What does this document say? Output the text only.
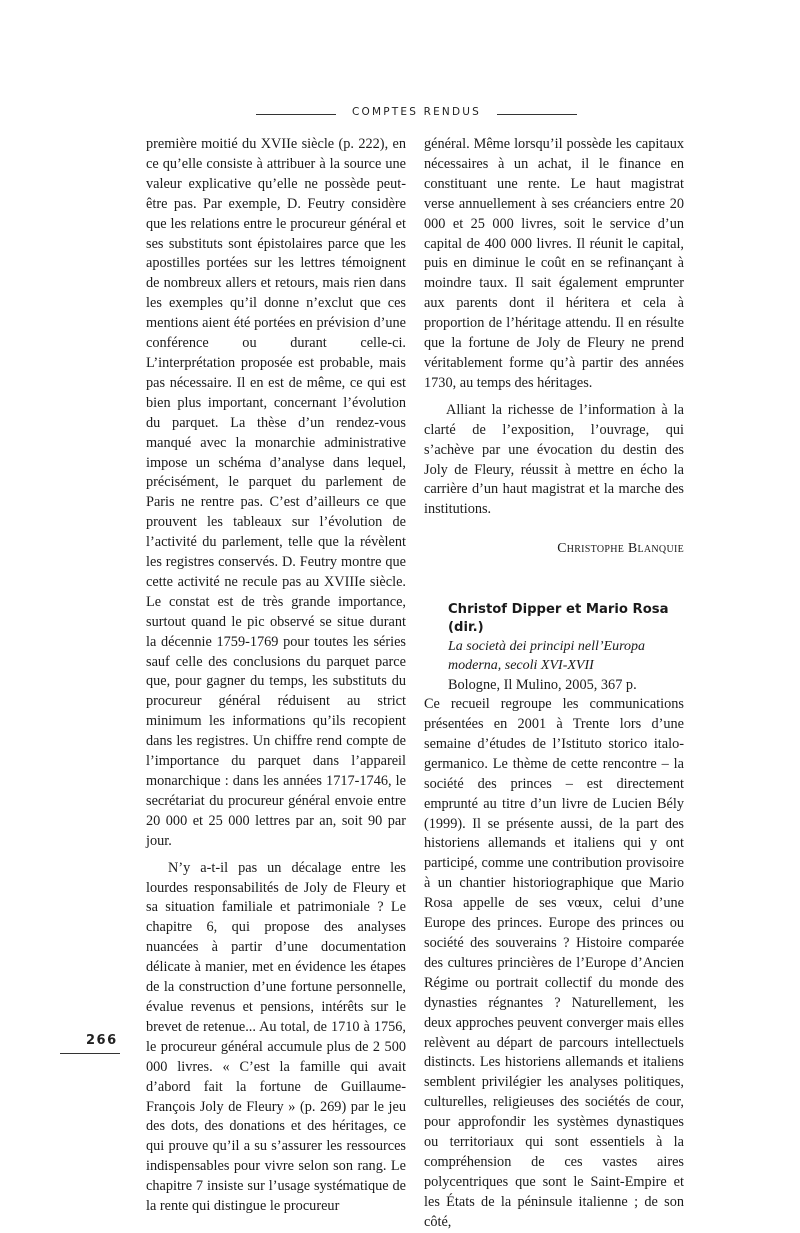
COMPTES RENDUS

première moitié du XVIIe siècle (p. 222), en ce qu’elle consiste à attribuer à la source une valeur explicative qu’elle ne possède peut-être pas. Par exemple, D. Feutry considère que les relations entre le procureur général et ses substituts sont épistolaires parce que les apostilles portées sur les lettres témoignent de nombreux allers et retours, mais rien dans les exemples qu’il donne n’exclut que ces mentions aient été portées en prévision d’une conférence ou durant celle-ci. L’interprétation proposée est probable, mais pas nécessaire. Il en est de même, ce qui est bien plus important, concernant l’évolution du parquet. La thèse d’un rendez-vous manqué avec la monarchie administrative impose un schéma d’analyse dans lequel, précisément, le parquet du parlement de Paris ne rentre pas. C’est d’ailleurs ce que prouvent les tableaux sur l’évolution de l’activité du parlement, telle que la révèlent les registres conservés. D. Feutry montre que cette activité ne recule pas au XVIIIe siècle. Le constat est de très grande importance, surtout quand le pic observé se situe durant la décennie 1759-1769 pour toutes les séries sauf celle des conclusions du parquet parce que, pour gagner du temps, les substituts du procureur général réduisent au strict minimum les informations qu’ils recopient dans les registres. Un chiffre rend compte de l’importance du parquet dans l’appareil monarchique : dans les années 1717-1746, le secrétariat du procureur général envoie entre 20 000 et 25 000 lettres par an, soit 90 par jour.

N’y a-t-il pas un décalage entre les lourdes responsabilités de Joly de Fleury et sa situation familiale et patrimoniale ? Le chapitre 6, qui propose des analyses nuancées à partir d’une documentation délicate à manier, met en évidence les étapes de la construction d’une fortune personnelle, évalue revenus et pensions, intérêts sur le brevet de retenue... Au total, de 1710 à 1756, le procureur général accumule plus de 2 500 000 livres. « C’est la famille qui avait d’abord fait la fortune de Guillaume-François Joly de Fleury » (p. 269) par le jeu des dots, des donations et des héritages, ce qui prouve qu’il a su s’assurer les ressources indispensables pour vivre selon son rang. Le chapitre 7 insiste sur l’usage systématique de la rente qui distingue le procureur

général. Même lorsqu’il possède les capitaux nécessaires à un achat, il le finance en constituant une rente. Le haut magistrat verse annuellement à ses créanciers entre 20 000 et 25 000 livres, soit le service d’un capital de 400 000 livres. Il réunit le capital, puis en diminue le coût en se refinançant à moindre taux. Il sait également emprunter aux parents dont il héritera et cela à proportion de l’héritage attendu. Il en résulte que la fortune de Joly de Fleury ne prend véritablement forme qu’à partir des années 1730, au temps des héritages.

Alliant la richesse de l’information à la clarté de l’exposition, l’ouvrage, qui s’achève par une évocation du destin des Joly de Fleury, réussit à mettre en écho la carrière d’un haut magistrat et la marche des institutions.

Christophe Blanquie
Christof Dipper et Mario Rosa (dir.)
La società dei principi nell’Europa moderna, secoli XVI-XVII
Bologne, Il Mulino, 2005, 367 p.

Ce recueil regroupe les communications présentées en 2001 à Trente lors d’une semaine d’études de l’Istituto storico italo-germanico. Le thème de cette rencontre – la société des princes – est directement emprunté au titre d’un livre de Lucien Bély (1999). Il se présente aussi, de la part des historiens allemands et italiens qui y ont participé, comme une contribution provisoire à un chantier historiographique que Mario Rosa appelle de ses vœux, celui d’une Europe des princes. Europe des princes ou société des souverains ? Histoire comparée des cultures princières de l’Europe d’Ancien Régime ou portrait collectif du monde des dynasties régnantes ? Naturellement, les deux approches peuvent converger mais elles relèvent au départ de parcours intellectuels distincts. Les historiens allemands et italiens semblent privilégier les analyses politiques, culturelles, religieuses des sociétés de cour, pour approfondir les systèmes dynastiques ou territoriaux qui sont essentiels à la compréhension de ces vastes aires polycentriques que sont le Saint-Empire et les États de la péninsule italienne ; de son côté,

266
